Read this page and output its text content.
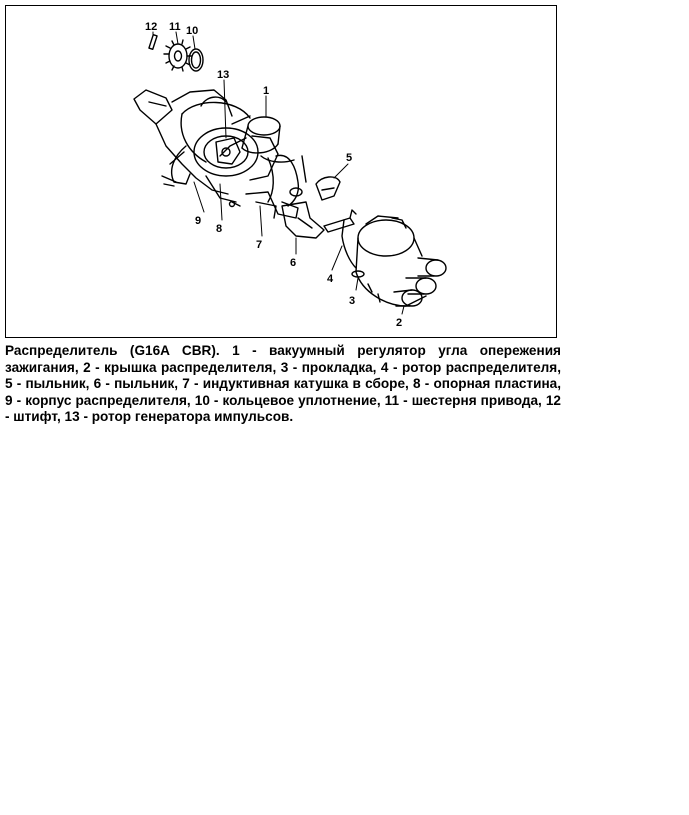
12 11 10
13
1
5
9
8
7
6
4
3
2

Распределитель (G16A CBR). 1 - вакуумный регулятор угла опережения зажигания, 2 - крышка распределителя, 3 - прокладка, 4 - ротор распределителя, 5 - пыльник, 6 - пыльник, 7 - индуктивная катушка в сборе, 8 - опорная пластина, 9 - корпус распределителя, 10 - кольцевое уплотнение, 11 - шестерня привода, 12 - штифт, 13 - ротор генератора импульсов.
